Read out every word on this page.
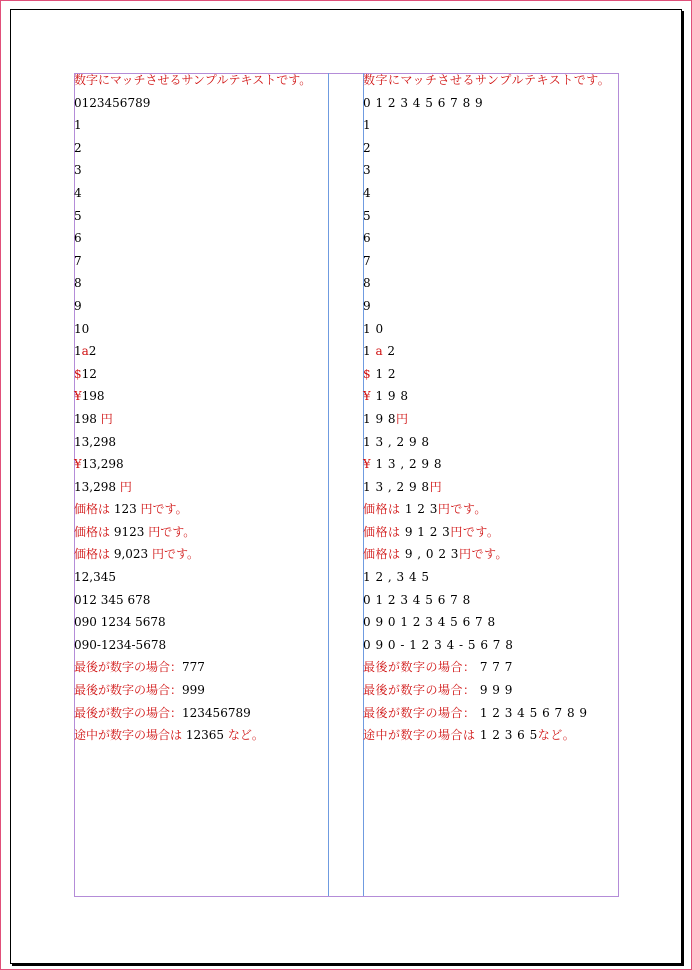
数字にマッチさせるサンプルテキストです。
0123456789
1
2
3
4
5
6
7
8
9
10
1a2
$12
¥198
198 円
13,298
¥13,298
13,298 円
価格は 123 円です。
価格は 9123 円です。
価格は 9,023 円です。
12,345
012 345 678
090 1234 5678
090-1234-5678
最後が数字の場合：777
最後が数字の場合：999
最後が数字の場合：123456789
途中が数字の場合は 12365 など。
数字にマッチさせるサンプルテキストです。
0 1 2 3 4 5 6 7 8 9
1
2
3
4
5
6
7
8
9
1 0
1 a 2
$ 1 2
¥ 1 9 8
1 9 8円
1 3 , 2 9 8
¥ 1 3 , 2 9 8
1 3 , 2 9 8円
価格は 1 2 3円です。
価格は 9 1 2 3円です。
価格は 9 , 0 2 3円です。
1 2 , 3 4 5
0 1 2 3 4 5 6 7 8
0 9 0 1 2 3 4 5 6 7 8
0 9 0 - 1 2 3 4 - 5 6 7 8
最後が数字の場合： 7 7 7
最後が数字の場合： 9 9 9
最後が数字の場合： 1 2 3 4 5 6 7 8 9
途中が数字の場合は 1 2 3 6 5など。
